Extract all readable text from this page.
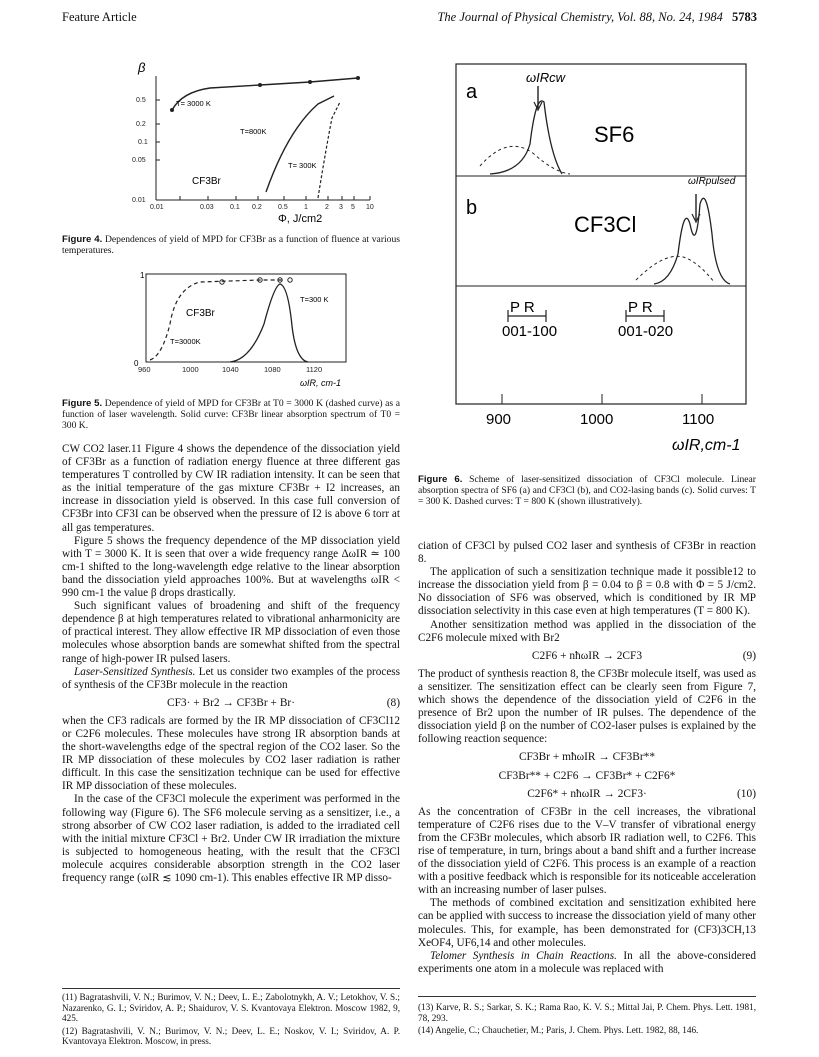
Feature Article	The Journal of Physical Chemistry, Vol. 88, No. 24, 1984 5783
β
0.5
0.2
0.1
0.05
0.01
0.01	0.03 0.1 0.2 0.5 1 2 3 5 10
T= 3000 K
T=800K
T= 300K
CF3Br
Φ, J/cm2
Figure 4. Dependences of yield of MPD for CF3Br as a function of fluence at various temperatures.
1
0
T=300 K
T=3000K
CF3Br
960	1000	1040	1080	1120
ωIR, cm-1
Figure 5. Dependence of yield of MPD for CF3Br at T0 = 3000 K (dashed curve) as a function of laser wavelength. Solid curve: CF3Br linear absorption spectrum of T0 = 300 K.
a
b
SF6
CF3Cl
ωIRcw
ωIRpulsed
P R
001-100
P R
001-020
900	1000	1100
ωIR,cm-1
Figure 6. Scheme of laser-sensitized dissociation of CF3Cl molecule. Linear absorption spectra of SF6 (a) and CF3Cl (b), and CO2-lasing bands (c). Solid curves: T = 300 K. Dashed curves: T = 800 K (shown illustratively).

CW CO2 laser.11 Figure 4 shows the dependence of the dissociation yield of CF3Br as a function of radiation energy fluence at three different gas temperatures T controlled by CW IR radiation intensity. It can be seen that as the initial temperature of the gas mixture CF3Br + I2 increases, an increase in dissociation yield is observed. In this case full conversion of CF3Br into CF3I can be observed when the pressure of I2 is above 6 torr at all gas temperatures.

Figure 5 shows the frequency dependence of the MP dissociation yield with T = 3000 K. It is seen that over a wide frequency range ΔωIR ≃ 100 cm-1 shifted to the long-wavelength edge relative to the linear absorption band the dissociation yield approaches 100%. But at wavelengths ωIR < 990 cm-1 the value β drops drastically.

Such significant values of broadening and shift of the frequency dependence β at high temperatures related to vibrational anharmonicity are of practical interest. They allow effective IR MP dissociation of even those molecules whose absorption bands are somewhat shifted from the spectral range of high-power IR pulsed lasers.

Laser-Sensitized Synthesis. Let us consider two examples of the process of synthesis of the CF3Br molecule in the reaction

CF3· + Br2 → CF3Br + Br·	(8)

when the CF3 radicals are formed by the IR MP dissociation of CF3Cl12 or C2F6 molecules. These molecules have strong IR absorption bands at the short-wavelengths edge of the spectral region of the CO2 laser. So the IR MP dissociation of these molecules by CO2 laser radiation is rather difficult. In this case the sensitization technique can be used for effective IR MP dissociation of these molecules.

In the case of the CF3Cl molecule the experiment was performed in the following way (Figure 6). The SF6 molecule serving as a sensitizer, i.e., a strong absorber of CW CO2 laser radiation, is added to the irradiated cell with the initial mixture CF3Cl + Br2. Under CW IR irradiation the mixture is subjected to homogeneous heating, with the result that the CF3Cl molecule acquires considerable absorption strength in the CO2 laser frequency range (ωIR ≲ 1090 cm-1). This enables effective IR MP disso-

ciation of CF3Cl by pulsed CO2 laser and synthesis of CF3Br in reaction 8.

The application of such a sensitization technique made it possible12 to increase the dissociation yield from β = 0.04 to β = 0.8 with Φ = 5 J/cm2. No dissociation of SF6 was observed, which is conditioned by IR MP dissociation selectivity in this case even at high temperatures (T = 800 K).

Another sensitization method was applied in the dissociation of the C2F6 molecule mixed with Br2

C2F6 + nħωIR → 2CF3	(9)

The product of synthesis reaction 8, the CF3Br molecule itself, was used as a sensitizer. The sensitization effect can be clearly seen from Figure 7, which shows the dependence of the dissociation yield of C2F6 in the presence of Br2 upon the number of IR pulses. The dependence of the dissociation yield β on the number of CO2-laser pulses is explained by the following reaction sequence:

CF3Br + mħωIR → CF3Br**
CF3Br** + C2F6 → CF3Br* + C2F6*
C2F6* + nħωIR → 2CF3·	(10)

As the concentration of CF3Br in the cell increases, the vibrational temperature of C2F6 rises due to the V–V transfer of vibrational energy from the CF3Br molecules, which absorb IR radiation well, to C2F6. This rise of temperature, in turn, brings about a band shift and a further increase of the dissociation yield of C2F6. This process is an example of a reaction with a positive feedback which is responsible for its noticeable acceleration with an increasing number of laser pulses.

The methods of combined excitation and sensitization exhibited here can be applied with success to increase the dissociation yield of many other molecules. This, for example, has been demonstrated for (CF3)3CH,13 XeOF4, UF6,14 and other molecules.

Telomer Synthesis in Chain Reactions. In all the above-considered experiments one atom in a molecule was replaced with

(11) Bagratashvili, V. N.; Burimov, V. N.; Deev, L. E.; Zabolotnykh, A. V.; Letokhov, V. S.; Nazarenko, G. I.; Sviridov, A. P.; Shaidurov, V. S. Kvantovaya Elektron. Moscow 1982, 9, 425.

(12) Bagratashvili, V. N.; Burimov, V. N.; Deev, L. E.; Noskov, V. I.; Sviridov, A. P. Kvantovaya Elektron. Moscow, in press.

(13) Karve, R. S.; Sarkar, S. K.; Rama Rao, K. V. S.; Mittal Jai, P. Chem. Phys. Lett. 1981, 78, 293.

(14) Angelie, C.; Chauchetier, M.; Paris, J. Chem. Phys. Lett. 1982, 88, 146.
